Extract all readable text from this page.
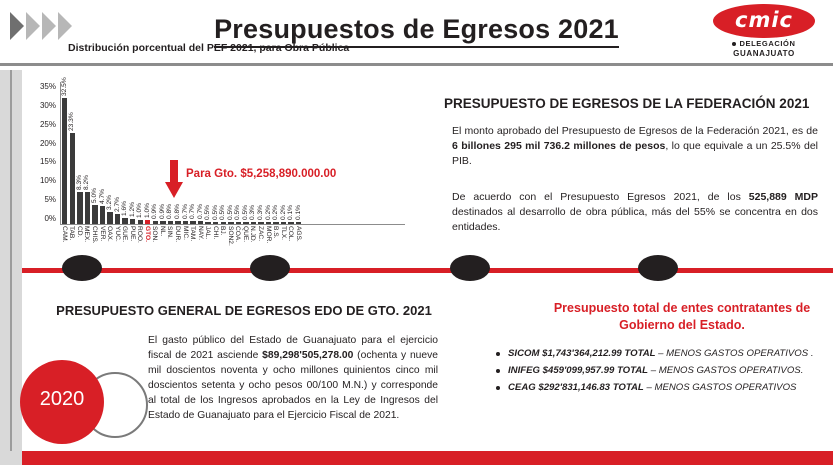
Presupuestos de Egresos 2021	cmic
DELEGACIÓN
GUANAJUATO
35%
30%
25%
20%
15%
10%
5%
0%
32.5%
23.3%
8.3% 8.2%
5.0% 4.7% 3.2% 2.7% 1.6% 1.2% 1.0% 1.0% 0.9% 0.9% 0.8% 0.8% 0.7% 0.7% 0.7% 0.5% 0.5% 0.5% 0.5% 0.5% 0.5% 0.3% 0.3% 0.2% 0.2% 0.2% 0.1% 0.1%
CAM. TAB. CD. MEX. CHIS. VER. OAX. YUC. GUE. PUE. ROO. GTO. SON. NL. SIN. DUR. MIC. TAM. NAY. JAL. CHI. BJ. SON2. COA. QUE. N.JD. ZAC. MOR. B.S. TLX. COL. AGS.
Distribución porcentual del PEF 2021, para Obra Pública
Para Gto. $5,258,890.000.00
PRESUPUESTO DE EGRESOS DE LA FEDERACIÓN 2021
El monto aprobado del Presupuesto de Egresos de la Federación 2021, es de 6 billones 295 mil 736.2 millones de pesos, lo que equivale a un 25.5% del PIB.
De acuerdo con el Presupuesto Egresos 2021, de los 525,889 MDP destinados al desarrollo de obra pública, más del 55% se concentra en dos entidades.
PRESUPUESTO GENERAL DE EGRESOS EDO DE GTO. 2021
El gasto público del Estado de Guanajuato para el ejercicio fiscal de 2021 asciende $89,298'505,278.00 (ochenta y nueve mil doscientos noventa y ocho millones quinientos cinco mil doscientos setenta y ocho pesos 00/100 M.N.) y corresponde al total de los Ingresos aprobados en la Ley de Ingresos del Estado de Guanajuato para el Ejercicio Fiscal de 2021.
2020
Presupuesto total de entes contratantes de Gobierno del Estado.
SICOM $1,743'364,212.99 TOTAL – MENOS GASTOS OPERATIVOS .
INIFEG $459'099,957.99 TOTAL – MENOS GASTOS OPERATIVOS.
CEAG $292'831,146.83 TOTAL – MENOS GASTOS OPERATIVOS
